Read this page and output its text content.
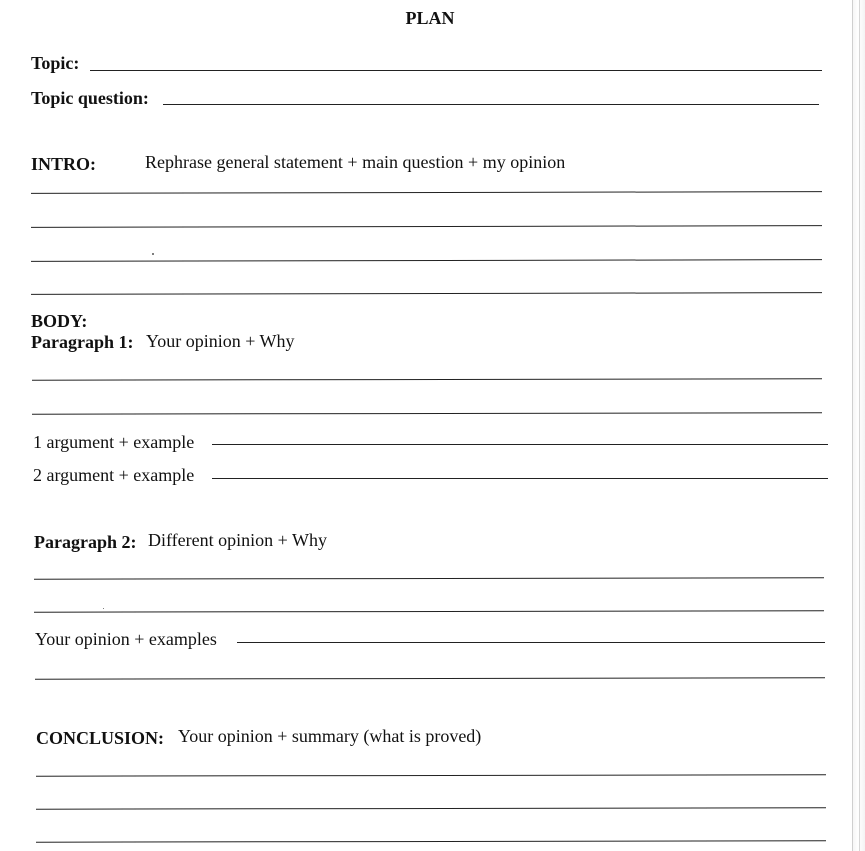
PLAN
Topic:
Topic question:
INTRO:	Rephrase general statement + main question + my opinion
BODY:
Paragraph 1: Your opinion + Why
1 argument + example
2 argument + example
Paragraph 2: Different opinion + Why
Your opinion + examples
CONCLUSION: Your opinion + summary (what is proved)
